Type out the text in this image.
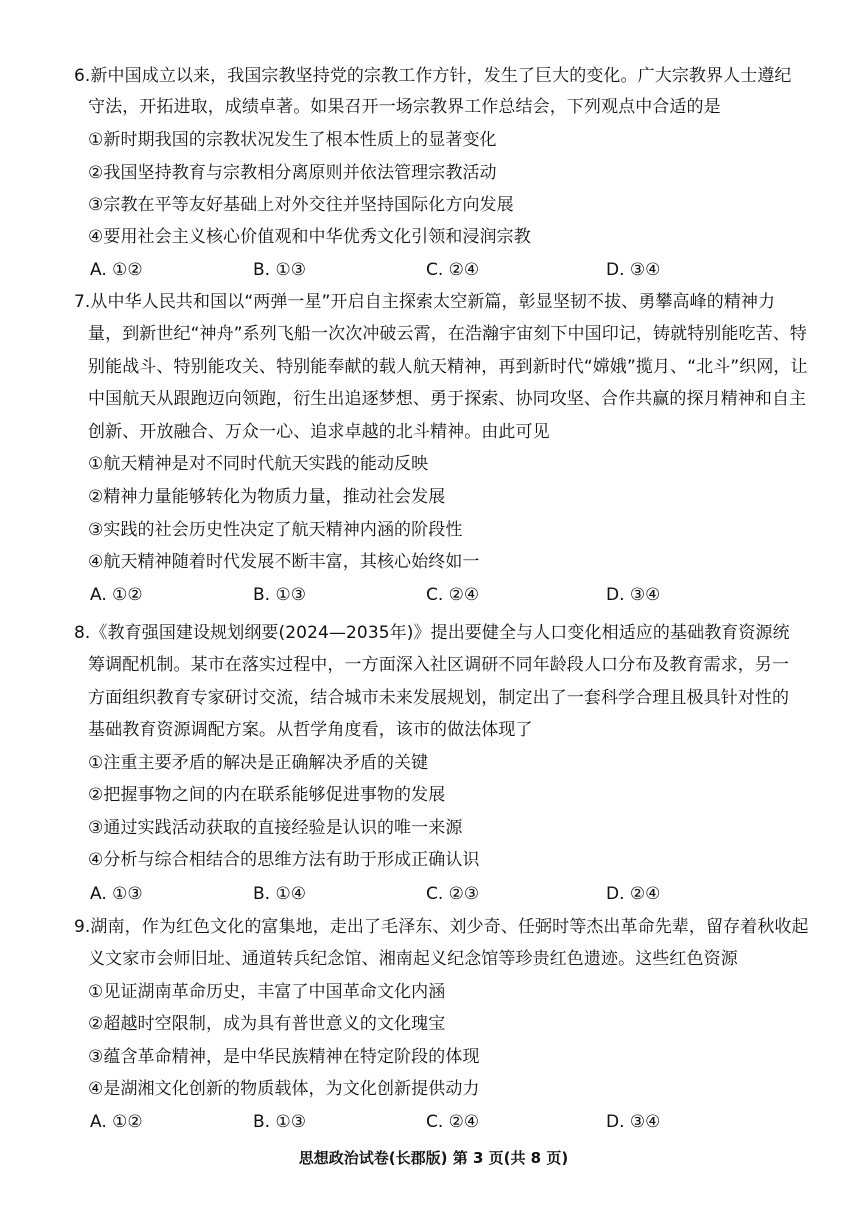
6.新中国成立以来，我国宗教坚持党的宗教工作方针，发生了巨大的变化。广大宗教界人士遵纪
守法，开拓进取，成绩卓著。如果召开一场宗教界工作总结会，下列观点中合适的是
①新时期我国的宗教状况发生了根本性质上的显著变化
②我国坚持教育与宗教相分离原则并依法管理宗教活动
③宗教在平等友好基础上对外交往并坚持国际化方向发展
④要用社会主义核心价值观和中华优秀文化引领和浸润宗教
A. ①②	B. ①③	C. ②④	D. ③④
7.从中华人民共和国以“两弹一星”开启自主探索太空新篇，彰显坚韧不拔、勇攀高峰的精神力
量，到新世纪“神舟”系列飞船一次次冲破云霄，在浩瀚宇宙刻下中国印记，铸就特别能吃苦、特
别能战斗、特别能攻关、特别能奉献的载人航天精神，再到新时代“嫦娥”揽月、“北斗”织网，让
中国航天从跟跑迈向领跑，衍生出追逐梦想、勇于探索、协同攻坚、合作共赢的探月精神和自主
创新、开放融合、万众一心、追求卓越的北斗精神。由此可见
①航天精神是对不同时代航天实践的能动反映
②精神力量能够转化为物质力量，推动社会发展
③实践的社会历史性决定了航天精神内涵的阶段性
④航天精神随着时代发展不断丰富，其核心始终如一
A. ①②	B. ①③	C. ②④	D. ③④
8.《教育强国建设规划纲要(2024—2035年)》提出要健全与人口变化相适应的基础教育资源统
筹调配机制。某市在落实过程中，一方面深入社区调研不同年龄段人口分布及教育需求，另一
方面组织教育专家研讨交流，结合城市未来发展规划，制定出了一套科学合理且极具针对性的
基础教育资源调配方案。从哲学角度看，该市的做法体现了
①注重主要矛盾的解决是正确解决矛盾的关键
②把握事物之间的内在联系能够促进事物的发展
③通过实践活动获取的直接经验是认识的唯一来源
④分析与综合相结合的思维方法有助于形成正确认识
A. ①③	B. ①④	C. ②③	D. ②④
9.湖南，作为红色文化的富集地，走出了毛泽东、刘少奇、任弼时等杰出革命先辈，留存着秋收起
义文家市会师旧址、通道转兵纪念馆、湘南起义纪念馆等珍贵红色遗迹。这些红色资源
①见证湖南革命历史，丰富了中国革命文化内涵
②超越时空限制，成为具有普世意义的文化瑰宝
③蕴含革命精神，是中华民族精神在特定阶段的体现
④是湖湘文化创新的物质载体，为文化创新提供动力
A. ①②	B. ①③	C. ②④	D. ③④
思想政治试卷(长郡版) 第 3 页(共 8 页)
